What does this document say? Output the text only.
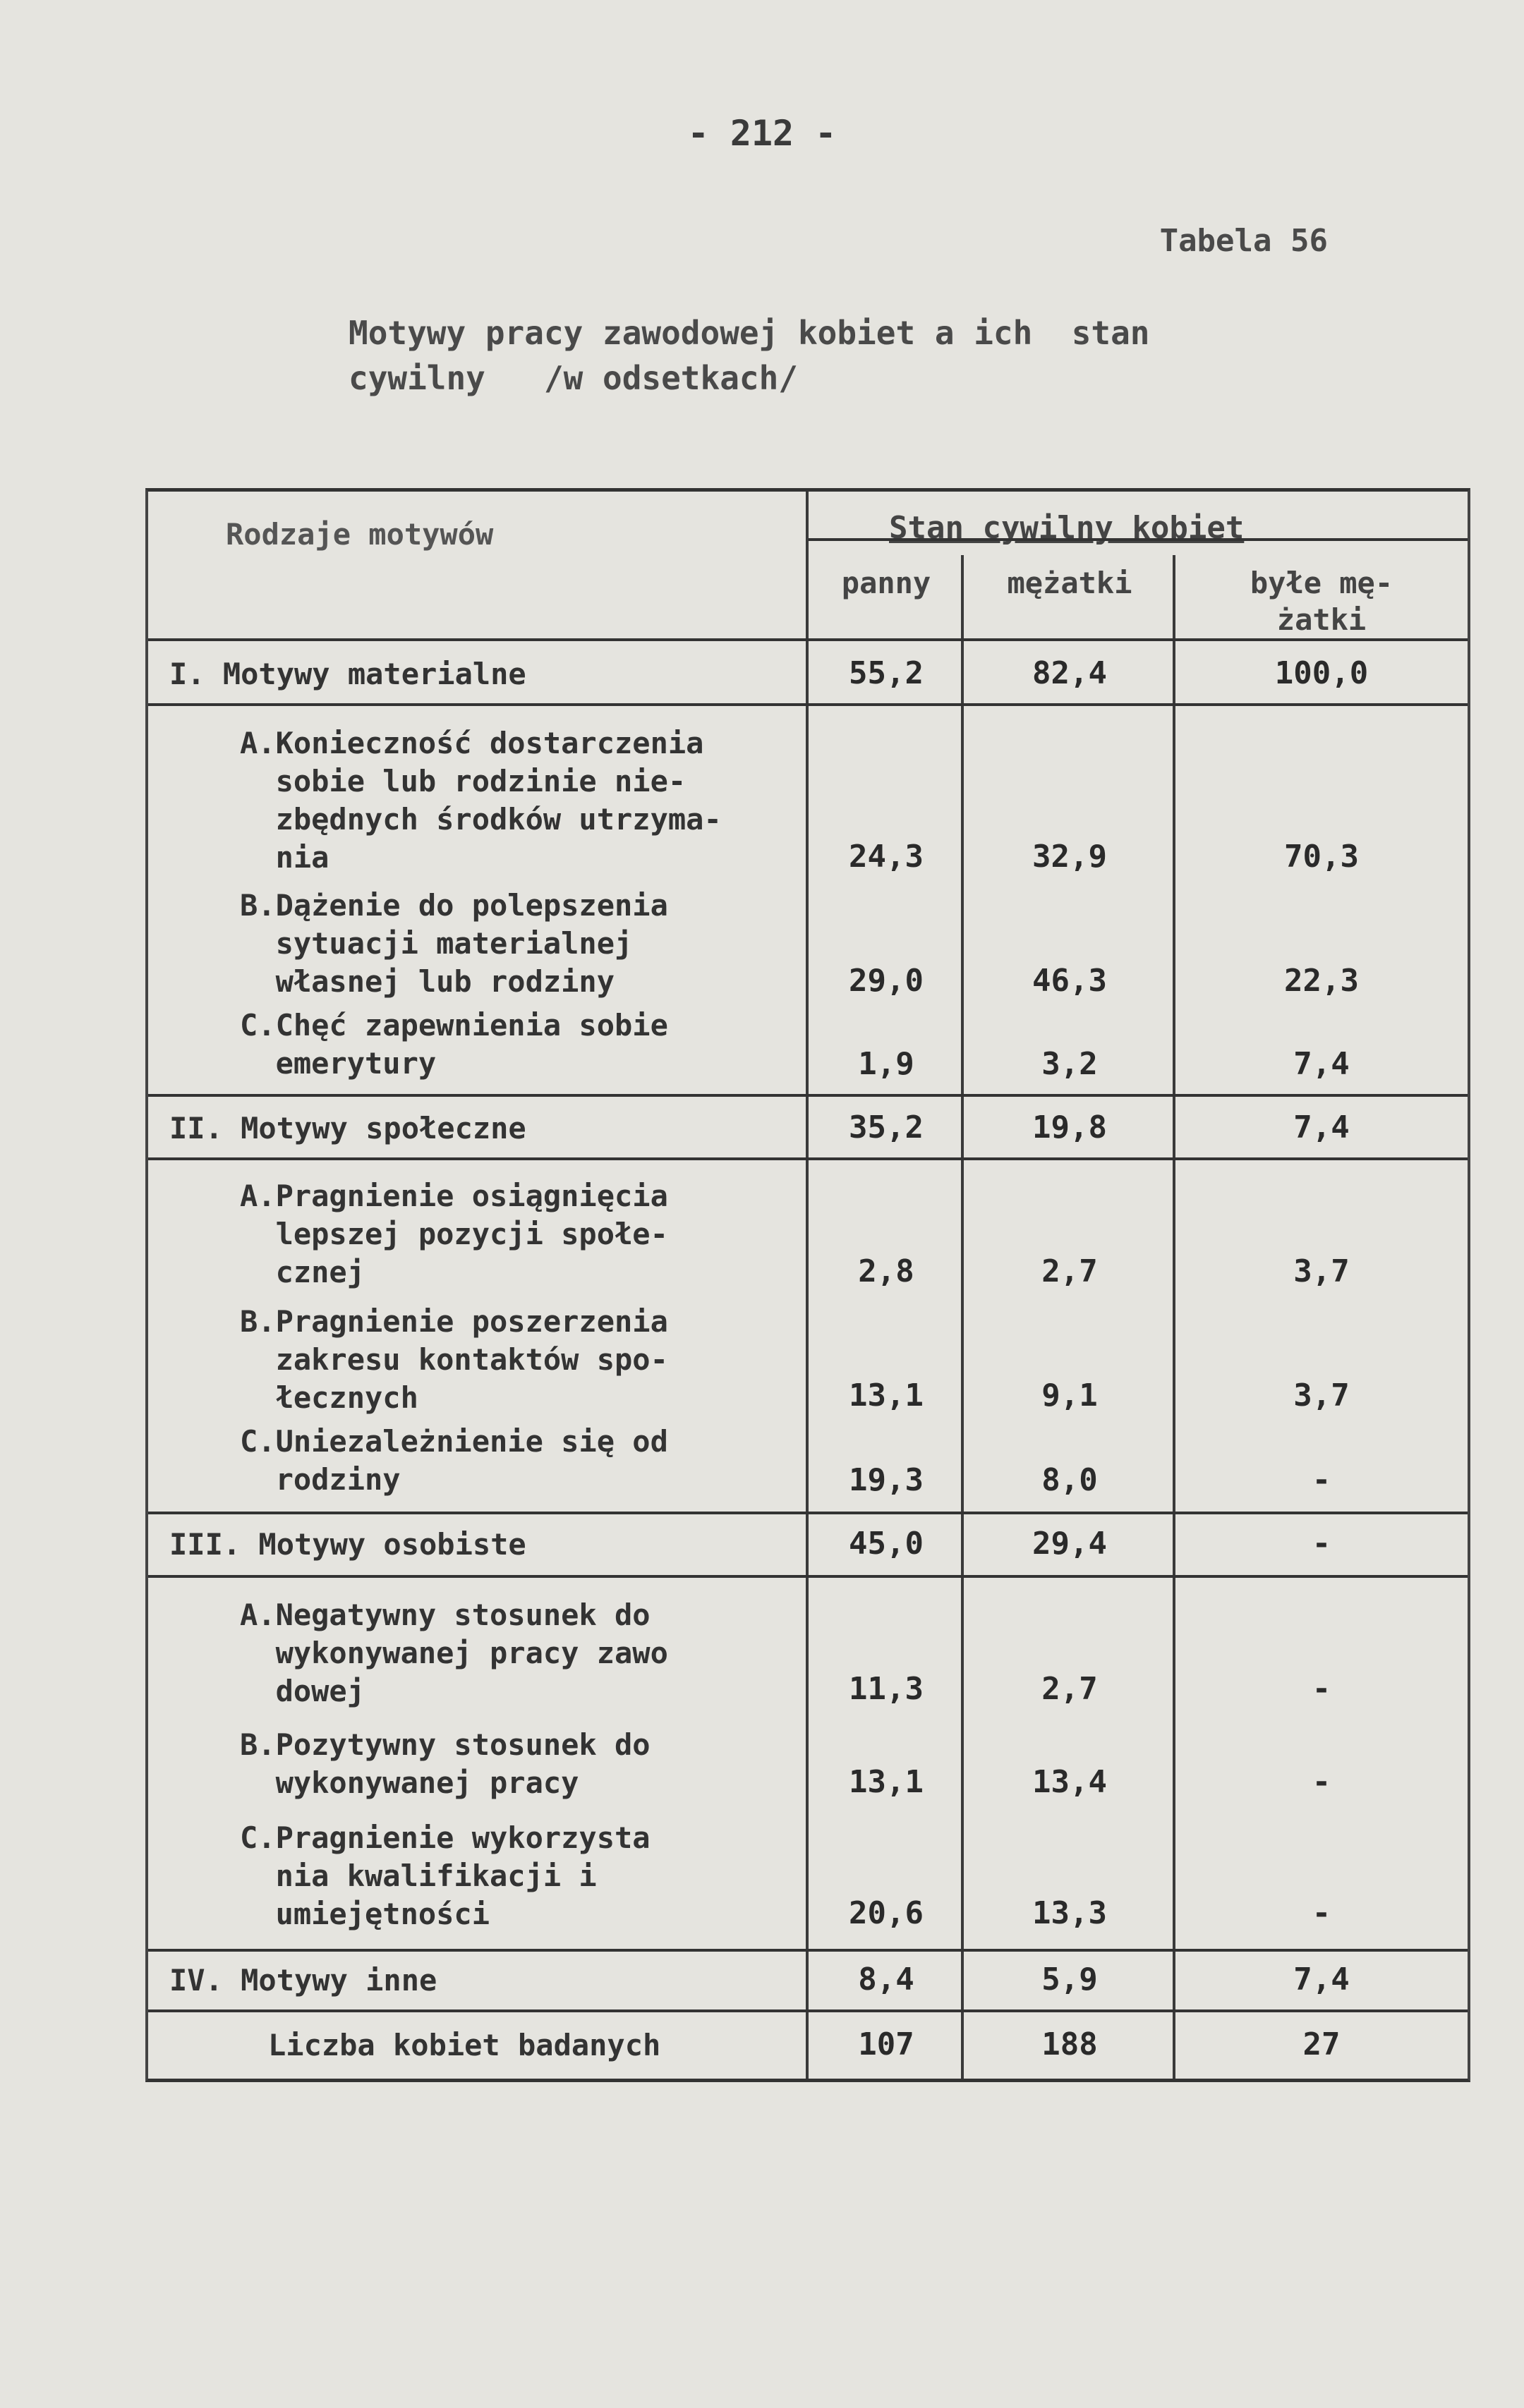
- 212 -
Tabela 56
Motywy pracy zawodowej kobiet a ich  stan
cywilny   /w odsetkach/
Rodzaje motywów	Stan cywilny kobiet
panny	mężatki	byłe mę-
żatki
I. Motywy materialne	55,2	82,4	100,0
A.Konieczność dostarczenia
sobie lub rodzinie nie-
zbędnych środków utrzyma-
nia	24,3	32,9	70,3
B.Dążenie do polepszenia
sytuacji materialnej
własnej lub rodziny	29,0	46,3	22,3
C.Chęć zapewnienia sobie
emerytury	1,9	3,2	7,4
II. Motywy społeczne	35,2	19,8	7,4
A.Pragnienie osiągnięcia
lepszej pozycji społe-
cznej	2,8	2,7	3,7
B.Pragnienie poszerzenia
zakresu kontaktów spo-
łecznych	13,1	9,1	3,7
C.Uniezależnienie się od
rodziny	19,3	8,0	-
III. Motywy osobiste	45,0	29,4	-
A.Negatywny stosunek do
wykonywanej pracy zawo
dowej	11,3	2,7	-
B.Pozytywny stosunek do
wykonywanej pracy	13,1	13,4	-
C.Pragnienie wykorzysta
nia kwalifikacji i
umiejętności	20,6	13,3	-
IV. Motywy inne	8,4	5,9	7,4
Liczba kobiet badanych	107	188	27
